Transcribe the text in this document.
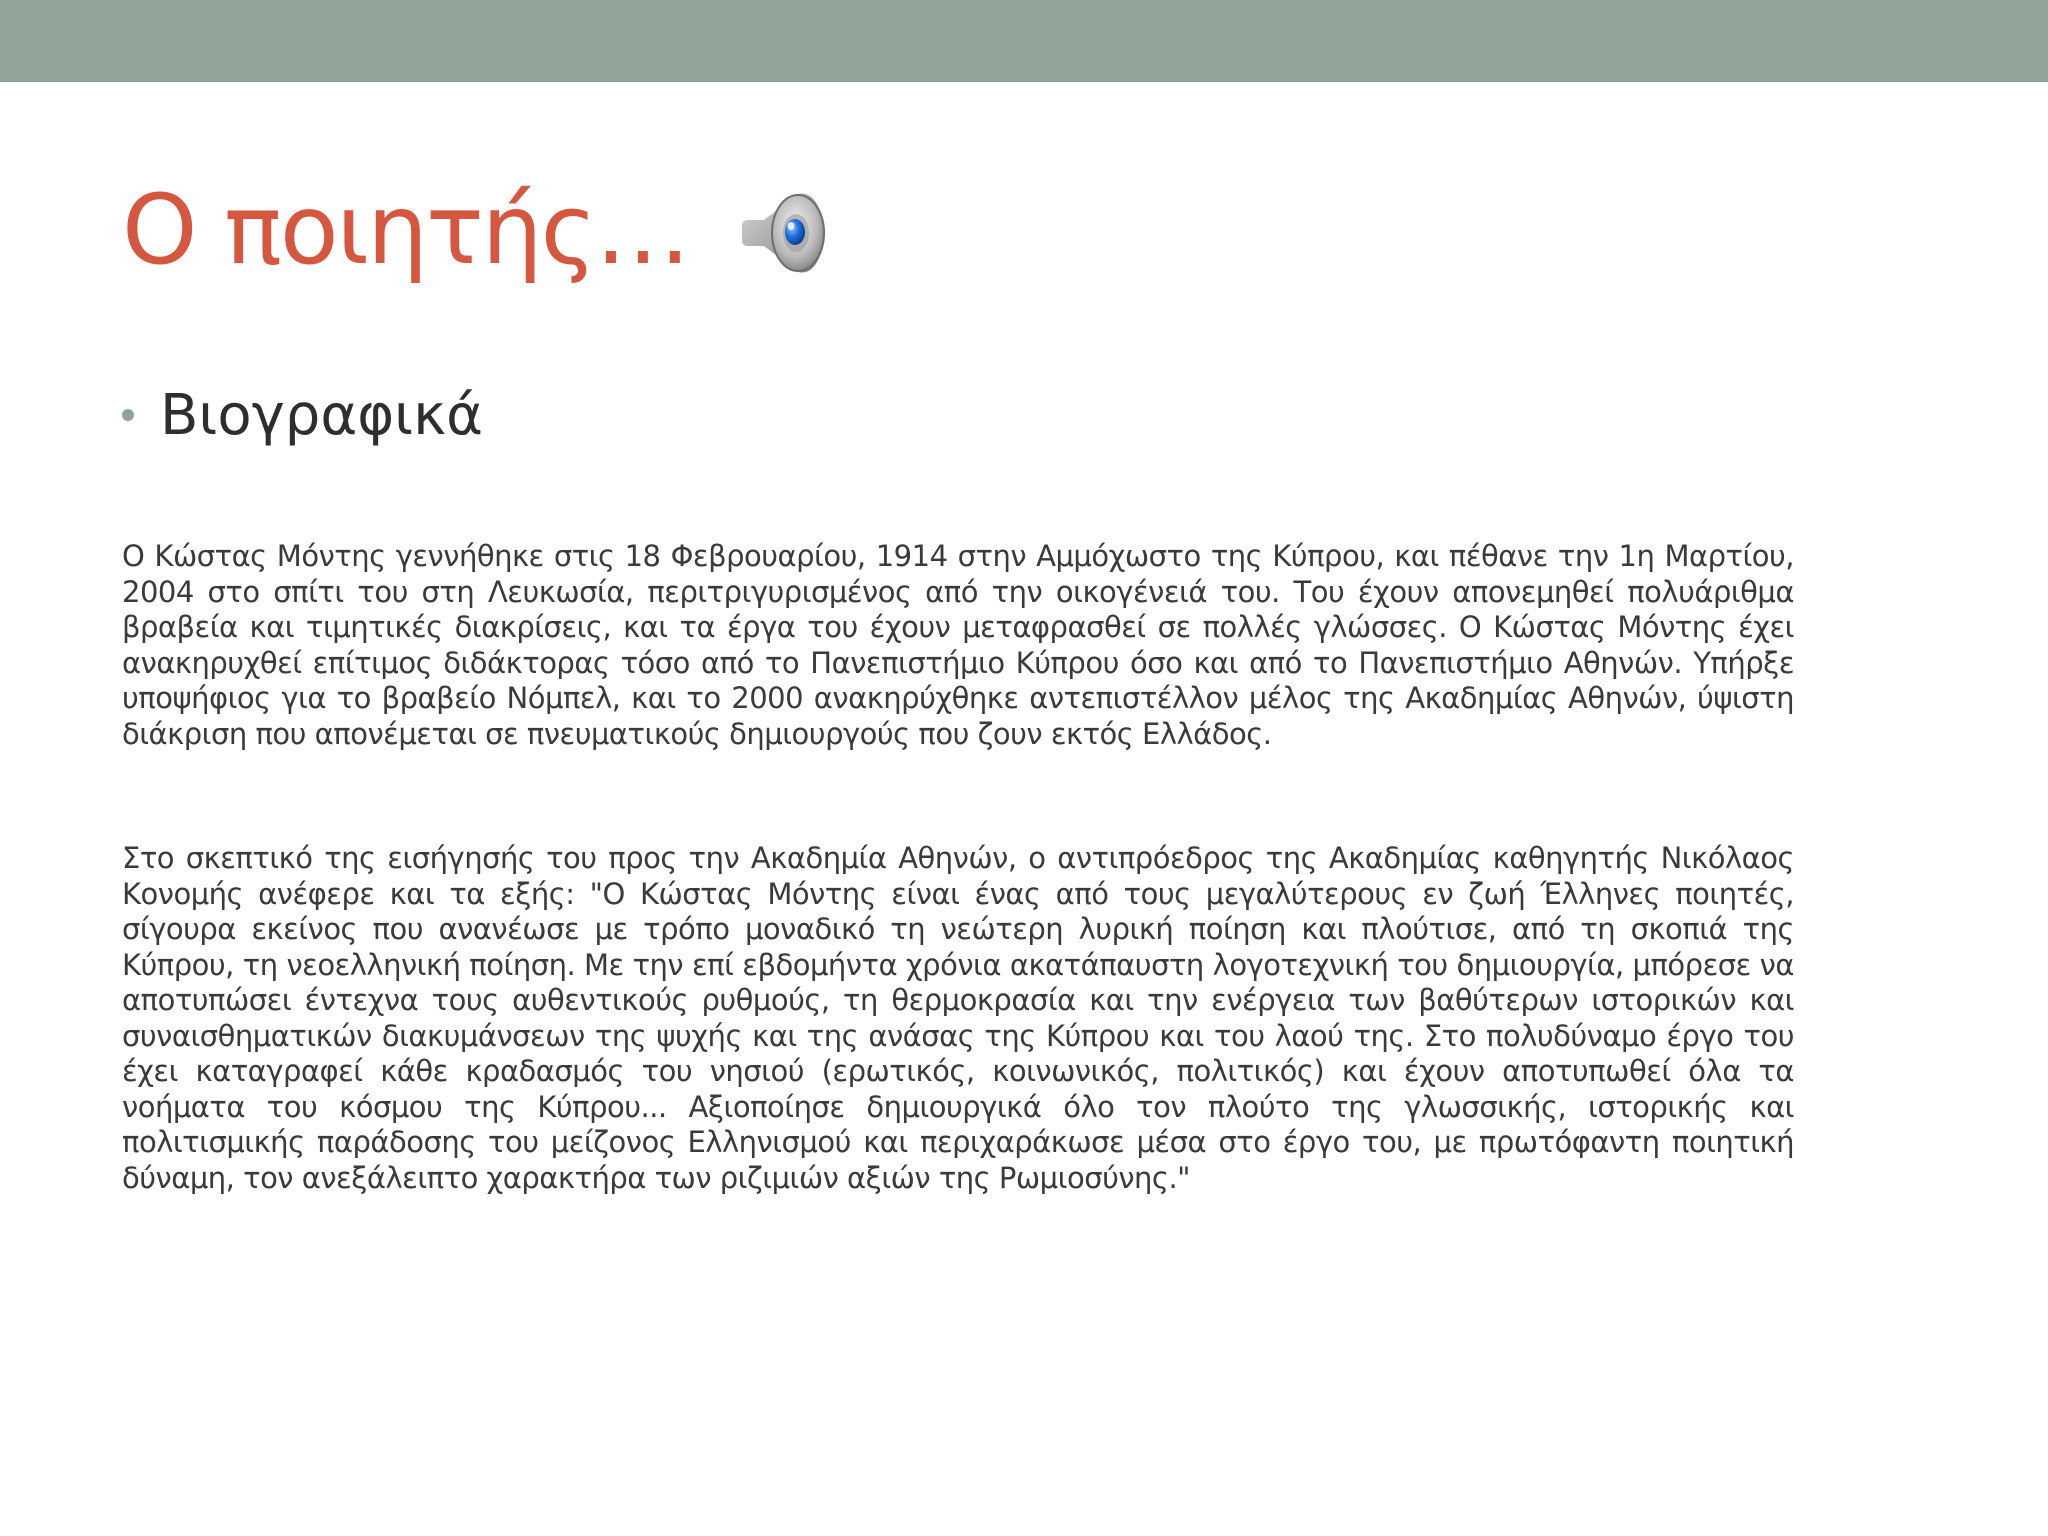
Ο ποιητής…
Βιογραφικά

Ο Κώστας Μόντης γεννήθηκε στις 18 Φεβρουαρίου, 1914 στην Αμμόχωστο της Κύπρου, και πέθανε την 1η Μαρτίου, 2004 στο σπίτι του στη Λευκωσία, περιτριγυρισμένος από την οικογένειά του. Του έχουν απονεμηθεί πολυάριθμα βραβεία και τιμητικές διακρίσεις, και τα έργα του έχουν μεταφρασθεί σε πολλές γλώσσες. Ο Κώστας Μόντης έχει ανακηρυχθεί επίτιμος διδάκτορας τόσο από το Πανεπιστήμιο Κύπρου όσο και από το Πανεπιστήμιο Αθηνών. Υπήρξε υποψήφιος για το βραβείο Νόμπελ, και το 2000 ανακηρύχθηκε αντεπιστέλλον μέλος της Ακαδημίας Αθηνών, ύψιστη διάκριση που απονέμεται σε πνευματικούς δημιουργούς που ζουν εκτός Ελλάδος.

Στο σκεπτικό της εισήγησής του προς την Ακαδημία Αθηνών, ο αντιπρόεδρος της Ακαδημίας καθηγητής Νικόλαος Κονομής ανέφερε και τα εξής: "Ο Κώστας Μόντης είναι ένας από τους μεγαλύτερους εν ζωή Έλληνες ποιητές, σίγουρα εκείνος που ανανέωσε με τρόπο μοναδικό τη νεώτερη λυρική ποίηση και πλούτισε, από τη σκοπιά της Κύπρου, τη νεοελληνική ποίηση. Με την επί εβδομήντα χρόνια ακατάπαυστη λογοτεχνική του δημιουργία, μπόρεσε να αποτυπώσει έντεχνα τους αυθεντικούς ρυθμούς, τη θερμοκρασία και την ενέργεια των βαθύτερων ιστορικών και συναισθηματικών διακυμάνσεων της ψυχής και της ανάσας της Κύπρου και του λαού της. Στο πολυδύναμο έργο του έχει καταγραφεί κάθε κραδασμός του νησιού (ερωτικός, κοινωνικός, πολιτικός) και έχουν αποτυπωθεί όλα τα νοήματα του κόσμου της Κύπρου... Αξιοποίησε δημιουργικά όλο τον πλούτο της γλωσσικής, ιστορικής και πολιτισμικής παράδοσης του μείζονος Ελληνισμού και περιχαράκωσε μέσα στο έργο του, με πρωτόφαντη ποιητική δύναμη, τον ανεξάλειπτο χαρακτήρα των ριζιμιών αξιών της Ρωμιοσύνης."
